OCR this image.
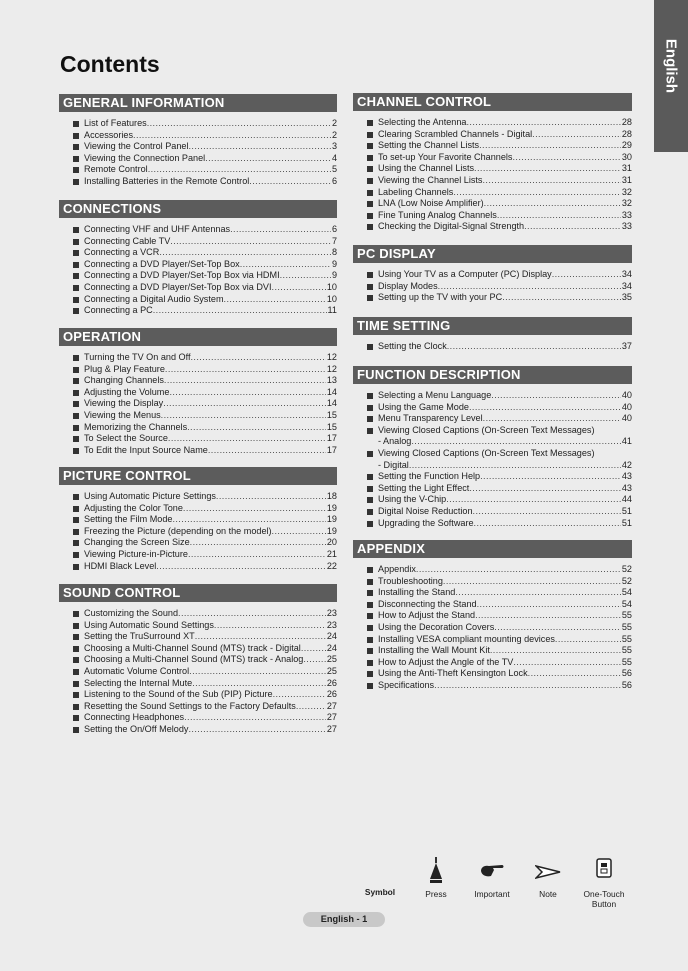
English
Contents
Symbol	Press	Important	Note	One-Touch
Button
English - 1
GENERAL INFORMATION
List of Features .....	2
Accessories .....	2
Viewing the Control Panel .....	3
Viewing the Connection Panel .....	4
Remote Control .....	5
Installing Batteries in the Remote Control .....	6
CONNECTIONS
Connecting VHF and UHF Antennas .....	6
Connecting Cable TV .....	7
Connecting a VCR .....	8
Connecting a DVD Player/Set-Top Box .....	9
Connecting a DVD Player/Set-Top Box via HDMI .....	9
Connecting a DVD Player/Set-Top Box via DVI .....	10
Connecting a Digital Audio System .....	10
Connecting a PC .....	11
OPERATION
Turning the TV On and Off .....	12
Plug & Play Feature .....	12
Changing Channels .....	13
Adjusting the Volume .....	14
Viewing the Display .....	14
Viewing the Menus .....	15
Memorizing the Channels .....	15
To Select the Source .....	17
To Edit the Input Source Name .....	17
PICTURE CONTROL
Using Automatic Picture Settings .....	18
Adjusting the Color Tone .....	19
Setting the Film Mode .....	19
Freezing the Picture (depending on the model) .....	19
Changing the Screen Size .....	20
Viewing Picture-in-Picture .....	21
HDMI Black Level .....	22
SOUND CONTROL
Customizing the Sound .....	23
Using Automatic Sound Settings .....	23
Setting the TruSurround XT .....	24
Choosing a Multi-Channel Sound (MTS) track - Digital .....	24
Choosing a Multi-Channel Sound (MTS) track - Analog .....	25
Automatic Volume Control .....	25
Selecting the Internal Mute .....	26
Listening to the Sound of the Sub (PIP) Picture .....	26
Resetting the Sound Settings to the Factory Defaults .....	27
Connecting Headphones .....	27
Setting the On/Off Melody .....	27
CHANNEL CONTROL
Selecting the Antenna .....	28
Clearing Scrambled Channels - Digital .....	28
Setting the Channel Lists .....	29
To set-up Your Favorite Channels .....	30
Using the Channel Lists .....	31
Viewing the Channel Lists .....	31
Labeling Channels .....	32
LNA (Low Noise Amplifier) .....	32
Fine Tuning Analog Channels .....	33
Checking the Digital-Signal Strength .....	33
PC DISPLAY
Using Your TV as a Computer (PC) Display .....	34
Display Modes .....	34
Setting up the TV with your PC .....	35
TIME SETTING
Setting the Clock .....	37
FUNCTION DESCRIPTION
Selecting a Menu Language .....	40
Using the Game Mode .....	40
Menu Transparency Level .....	40
Viewing Closed Captions (On-Screen Text Messages)
- Analog .....	41
Viewing Closed Captions (On-Screen Text Messages)
- Digital .....	42
Setting the Function Help .....	43
Setting the Light Effect .....	43
Using the V-Chip .....	44
Digital Noise Reduction .....	51
Upgrading the Software .....	51
APPENDIX
Appendix .....	52
Troubleshooting .....	52
Installing the Stand .....	54
Disconnecting the Stand .....	54
How to Adjust the Stand .....	55
Using the Decoration Covers .....	55
Installing VESA compliant mounting devices .....	55
Installing the Wall Mount Kit .....	55
How to Adjust the Angle of the TV .....	55
Using the Anti-Theft Kensington Lock .....	56
Specifications .....	56
